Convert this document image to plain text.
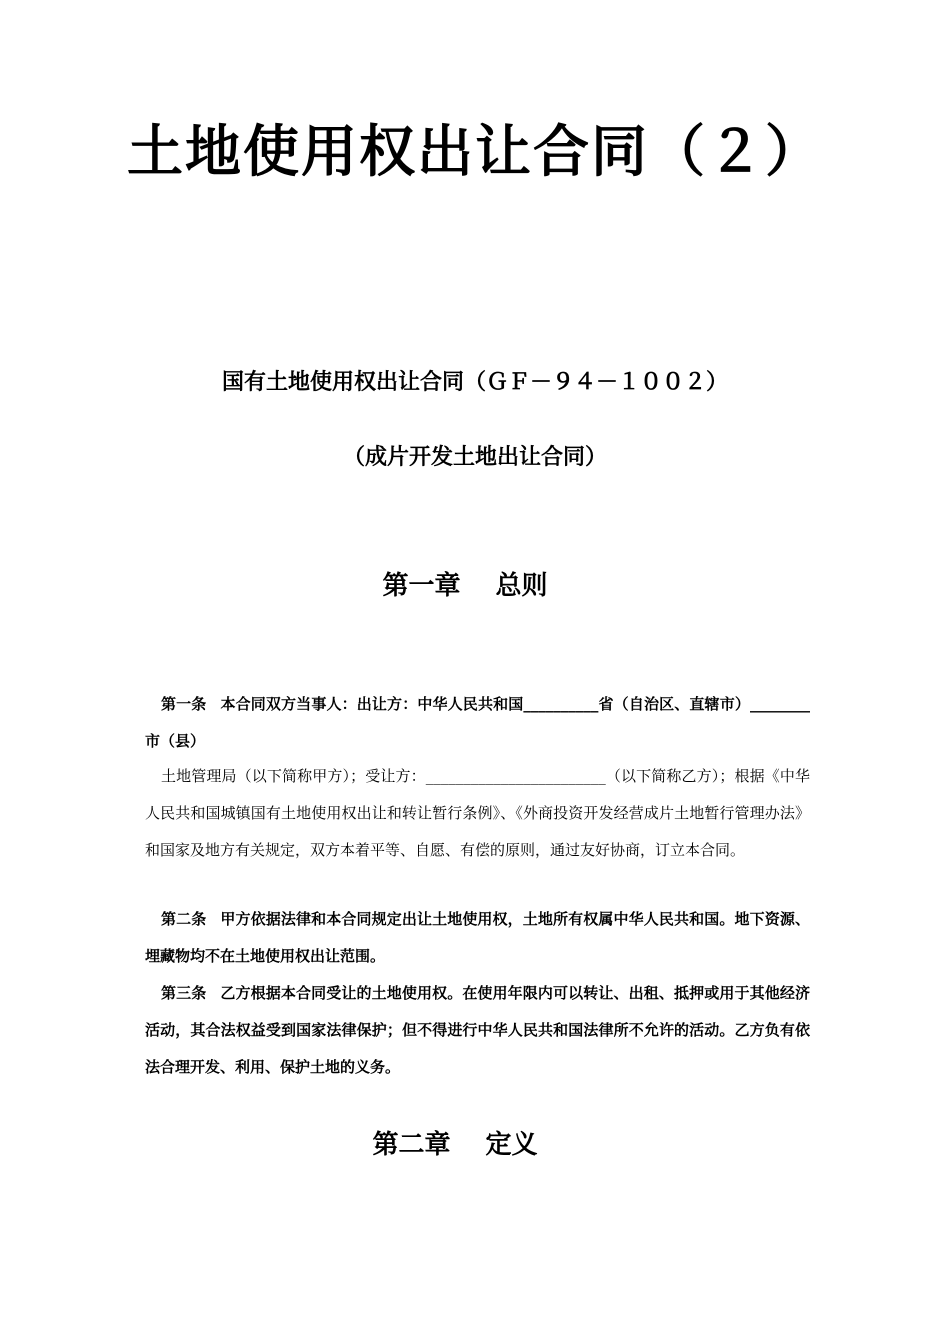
土地使用权出让合同（２）
国有土地使用权出让合同（ＧＦ－９４－１００２）
（成片开发土地出让合同）
第一章　 总则

第一条 本合同双方当事人：出让方：中华人民共和国__________省（自治区、直辖市）________市（县）

土地管理局（以下简称甲方）；受让方：________________________（以下简称乙方）；根据《中华人民共和国城镇国有土地使用权出让和转让暂行条例》、《外商投资开发经营成片土地暂行管理办法》和国家及地方有关规定，双方本着平等、自愿、有偿的原则，通过友好协商，订立本合同。

第二条 甲方依据法律和本合同规定出让土地使用权，土地所有权属中华人民共和国。地下资源、埋藏物均不在土地使用权出让范围。

第三条 乙方根据本合同受让的土地使用权。在使用年限内可以转让、出租、抵押或用于其他经济活动，其合法权益受到国家法律保护；但不得进行中华人民共和国法律所不允许的活动。乙方负有依法合理开发、利用、保护土地的义务。

第二章　 定义
